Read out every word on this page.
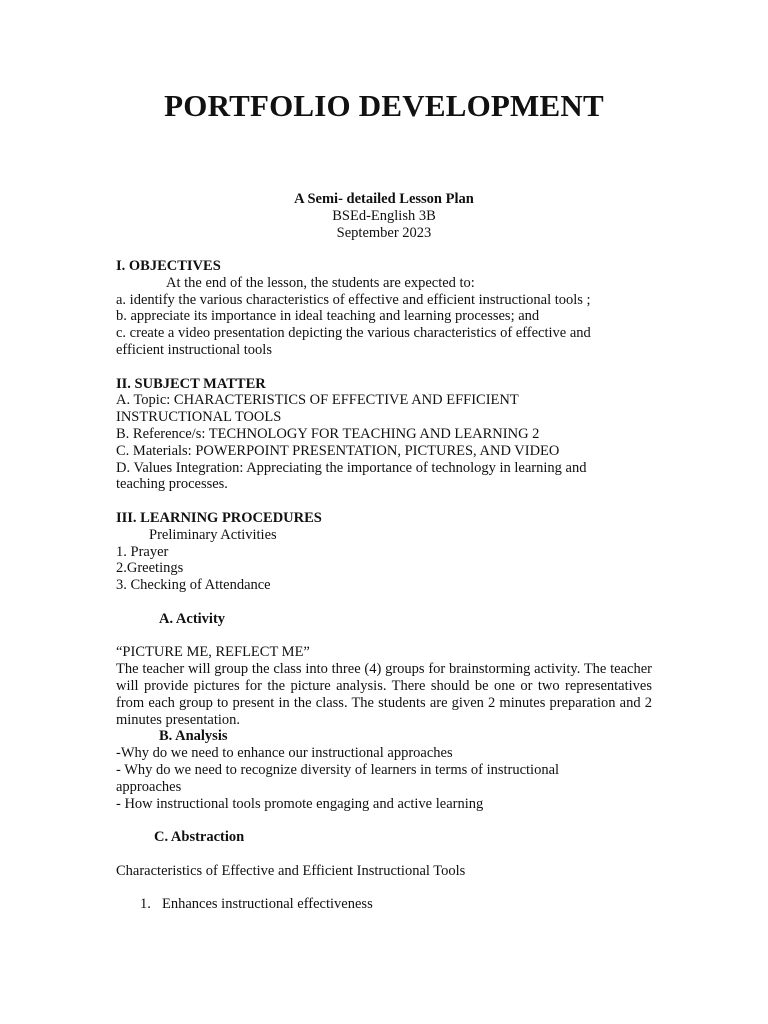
PORTFOLIO DEVELOPMENT
A Semi- detailed Lesson Plan
BSEd-English 3B
September 2023
I. OBJECTIVES
At the end of the lesson, the students are expected to:
a. identify the various characteristics of effective and efficient instructional tools ;
b. appreciate its importance in ideal teaching and learning processes; and
c. create a video presentation depicting the various characteristics of effective and
efficient instructional tools
II. SUBJECT MATTER
A. Topic: CHARACTERISTICS OF EFFECTIVE AND EFFICIENT
INSTRUCTIONAL TOOLS
B. Reference/s: TECHNOLOGY FOR TEACHING AND LEARNING 2
C. Materials: POWERPOINT PRESENTATION, PICTURES, AND VIDEO
D. Values Integration: Appreciating the importance of technology in learning and
teaching processes.
III. LEARNING PROCEDURES
Preliminary Activities
1. Prayer
2.Greetings
3. Checking of Attendance
A. Activity
“PICTURE ME, REFLECT ME”
The teacher will group the class into three (4) groups for brainstorming activity. The teacher will provide pictures for the picture analysis. There should be one or two representatives from each group to present in the class. The students are given 2 minutes preparation and 2 minutes presentation.
B. Analysis
-Why do we need to enhance our instructional approaches
- Why do we need to recognize diversity of learners in terms of instructional
approaches
- How instructional tools promote engaging and active learning
C. Abstraction
Characteristics of Effective and Efficient Instructional Tools
1. Enhances instructional effectiveness
